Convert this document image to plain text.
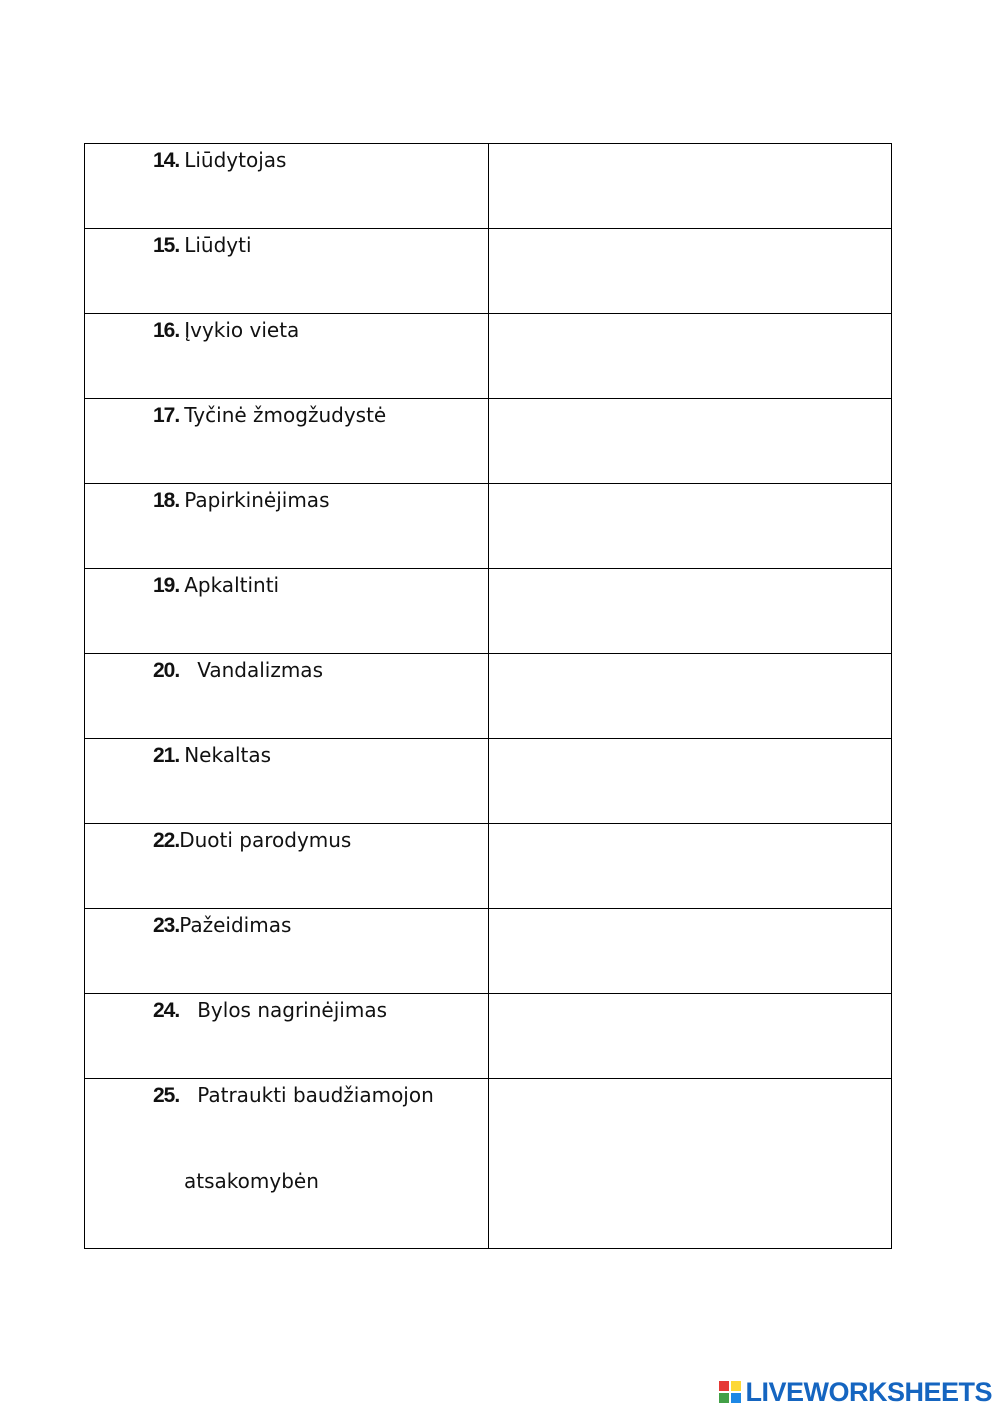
14. Liūdytojas	

15. Liūdyti	

16. Įvykio vieta	

17. Tyčinė žmogžudystė	

18. Papirkinėjimas	

19. Apkaltinti	

20. Vandalizmas	

21. Nekaltas	

22.Duoti parodymus	

23.Pažeidimas	

24. Bylos nagrinėjimas	

25. Patraukti baudžiamojon
atsakomybėn	

LIVEWORKSHEETS
